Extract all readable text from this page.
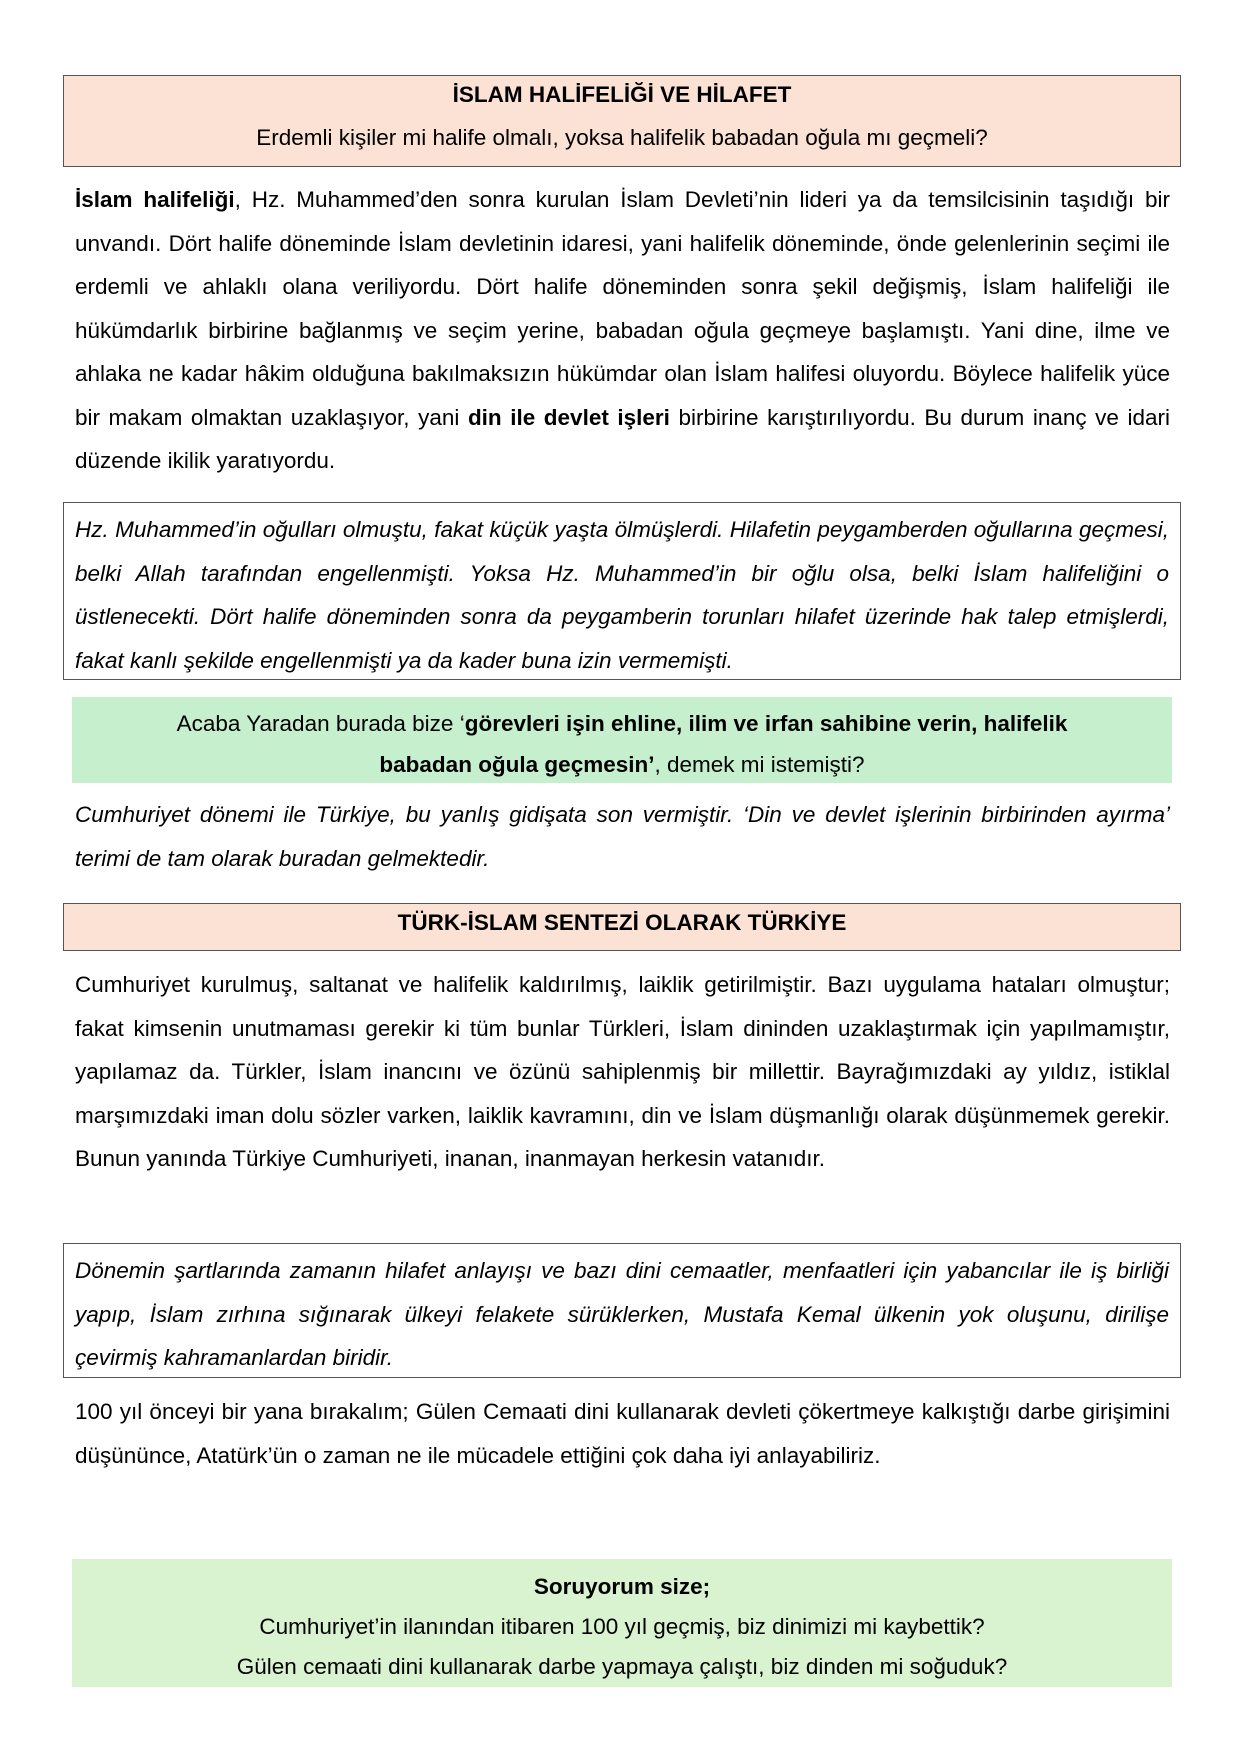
İSLAM HALİFELİĞİ VE HİLAFET
Erdemli kişiler mi halife olmalı, yoksa halifelik babadan oğula mı geçmeli?

İslam halifeliği, Hz. Muhammed’den sonra kurulan İslam Devleti’nin lideri ya da temsilcisinin taşıdığı bir unvandı. Dört halife döneminde İslam devletinin idaresi, yani halifelik döneminde, önde gelenlerinin seçimi ile erdemli ve ahlaklı olana veriliyordu. Dört halife döneminden sonra şekil değişmiş, İslam halifeliği ile hükümdarlık birbirine bağlanmış ve seçim yerine, babadan oğula geçmeye başlamıştı. Yani dine, ilme ve ahlaka ne kadar hâkim olduğuna bakılmaksızın hükümdar olan İslam halifesi oluyordu. Böylece halifelik yüce bir makam olmaktan uzaklaşıyor, yani din ile devlet işleri birbirine karıştırılıyordu. Bu durum inanç ve idari düzende ikilik yaratıyordu.

Hz. Muhammed’in oğulları olmuştu, fakat küçük yaşta ölmüşlerdi. Hilafetin peygamberden oğullarına geçmesi, belki Allah tarafından engellenmişti. Yoksa Hz. Muhammed’in bir oğlu olsa, belki İslam halifeliğini o üstlenecekti. Dört halife döneminden sonra da peygamberin torunları hilafet üzerinde hak talep etmişlerdi, fakat kanlı şekilde engellenmişti ya da kader buna izin vermemişti.

Acaba Yaradan burada bize ‘görevleri işin ehline, ilim ve irfan sahibine verin, halifelik
babadan oğula geçmesin’, demek mi istemişti?

Cumhuriyet dönemi ile Türkiye, bu yanlış gidişata son vermiştir. ‘Din ve devlet işlerinin birbirinden ayırma’ terimi de tam olarak buradan gelmektedir.

TÜRK-İSLAM SENTEZİ OLARAK TÜRKİYE

Cumhuriyet kurulmuş, saltanat ve halifelik kaldırılmış, laiklik getirilmiştir. Bazı uygulama hataları olmuştur; fakat kimsenin unutmaması gerekir ki tüm bunlar Türkleri, İslam dininden uzaklaştırmak için yapılmamıştır, yapılamaz da. Türkler, İslam inancını ve özünü sahiplenmiş bir millettir. Bayrağımızdaki ay yıldız, istiklal marşımızdaki iman dolu sözler varken, laiklik kavramını, din ve İslam düşmanlığı olarak düşünmemek gerekir. Bunun yanında Türkiye Cumhuriyeti, inanan, inanmayan herkesin vatanıdır.

Dönemin şartlarında zamanın hilafet anlayışı ve bazı dini cemaatler, menfaatleri için yabancılar ile iş birliği yapıp, İslam zırhına sığınarak ülkeyi felakete sürüklerken, Mustafa Kemal ülkenin yok oluşunu, dirilişe çevirmiş kahramanlardan biridir.

100 yıl önceyi bir yana bırakalım; Gülen Cemaati dini kullanarak devleti çökertmeye kalkıştığı darbe girişimini düşününce, Atatürk’ün o zaman ne ile mücadele ettiğini çok daha iyi anlayabiliriz.

Soruyorum size;
Cumhuriyet’in ilanından itibaren 100 yıl geçmiş, biz dinimizi mi kaybettik?
Gülen cemaati dini kullanarak darbe yapmaya çalıştı, biz dinden mi soğuduk?
